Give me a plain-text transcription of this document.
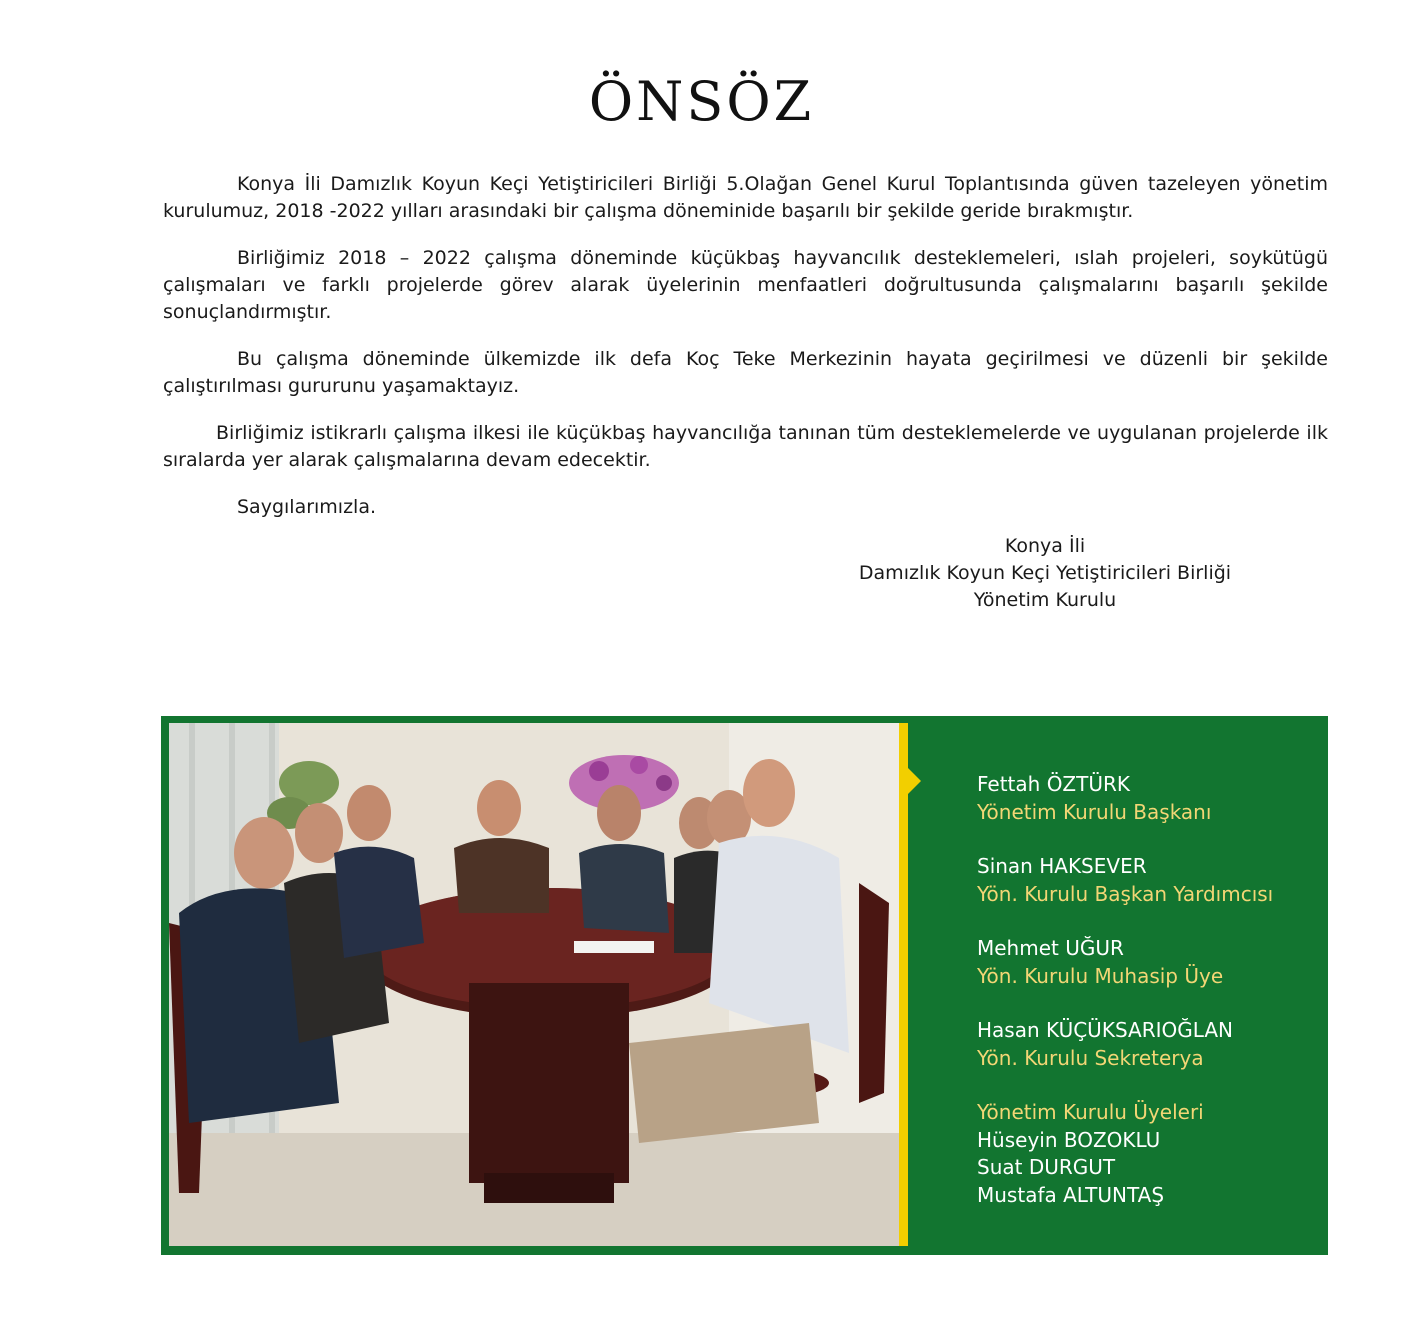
ÖNSÖZ

Konya İli Damızlık Koyun Keçi Yetiştiricileri Birliği 5.Olağan Genel Kurul Toplantısında güven tazeleyen yönetim kurulumuz, 2018 -2022 yılları arasındaki bir çalışma döneminide başarılı bir şekilde geride bırakmıştır.

Birliğimiz 2018 – 2022 çalışma döneminde küçükbaş hayvancılık desteklemeleri, ıslah projeleri, soykütügü çalışmaları ve farklı projelerde görev alarak üyelerinin menfaatleri doğrultusunda çalışmalarını başarılı şekilde sonuçlandırmıştır.

Bu çalışma döneminde ülkemizde ilk defa Koç Teke Merkezinin hayata geçirilmesi ve düzenli bir şekilde çalıştırılması gururunu yaşamaktayız.

Birliğimiz istikrarlı çalışma ilkesi ile küçükbaş hayvancılığa tanınan tüm desteklemelerde ve uygulanan projelerde ilk sıralarda yer alarak çalışmalarına devam edecektir.

Saygılarımızla.

Konya İli
Damızlık Koyun Keçi Yetiştiricileri Birliği
Yönetim Kurulu
Fettah ÖZTÜRK
Yönetim Kurulu Başkanı
Sinan HAKSEVER
Yön. Kurulu Başkan Yardımcısı
Mehmet UĞUR
Yön. Kurulu Muhasip Üye
Hasan KÜÇÜKSARIOĞLAN
Yön. Kurulu Sekreterya
Yönetim Kurulu Üyeleri
Hüseyin BOZOKLU
Suat DURGUT
Mustafa ALTUNTAŞ
